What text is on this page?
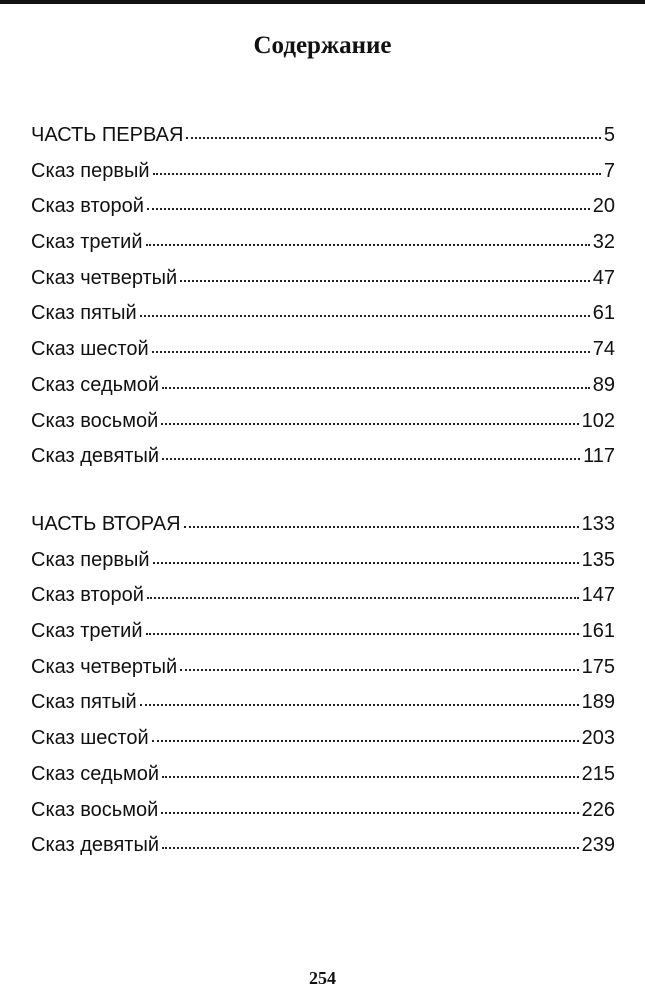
Содержание
ЧАСТЬ ПЕРВАЯ	5
Сказ первый	7
Сказ второй	20
Сказ третий	32
Сказ четвертый	47
Сказ пятый	61
Сказ шестой	74
Сказ седьмой	89
Сказ восьмой	102
Сказ девятый	117
ЧАСТЬ ВТОРАЯ	133
Сказ первый	135
Сказ второй	147
Сказ третий	161
Сказ четвертый	175
Сказ пятый	189
Сказ шестой	203
Сказ седьмой	215
Сказ восьмой	226
Сказ девятый	239
254
